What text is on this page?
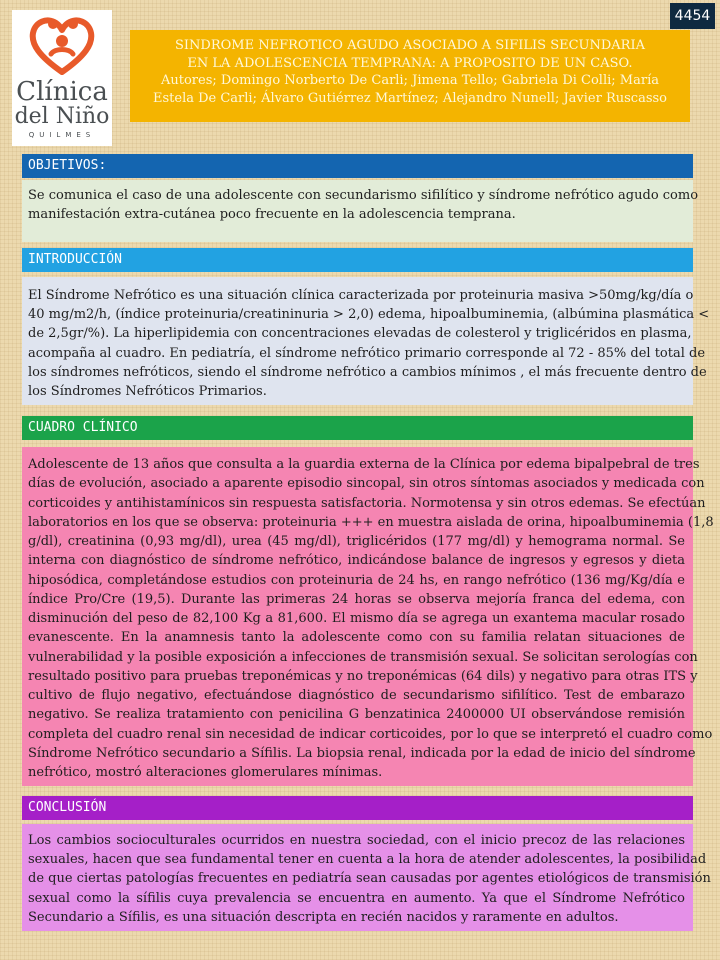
4454
Clínica
del Niño
QUILMES
SINDROME NEFROTICO AGUDO ASOCIADO A SIFILIS SECUNDARIA
EN LA ADOLESCENCIA TEMPRANA: A PROPOSITO DE UN CASO.
Autores; Domingo Norberto De Carli; Jimena Tello; Gabriela Di Colli; María
Estela De Carli; Álvaro Gutiérrez Martínez; Alejandro Nunell; Javier Ruscasso
OBJETIVOS:
Se comunica el caso de una adolescente con secundarismo sifilítico y síndrome nefrótico agudo como
manifestación extra-cutánea poco frecuente en la adolescencia temprana.
INTRODUCCIÓN
El Síndrome Nefrótico es una situación clínica caracterizada por proteinuria masiva >50mg/kg/día o
40 mg/m2/h, (índice proteinuria/creatininuria > 2,0) edema, hipoalbuminemia, (albúmina plasmática <
de 2,5gr/%). La hiperlipidemia con concentraciones elevadas de colesterol y triglicéridos en plasma,
acompaña al cuadro. En pediatría, el síndrome nefrótico primario corresponde al 72 - 85% del total de
los síndromes nefróticos, siendo el síndrome nefrótico a cambios mínimos , el más frecuente dentro de
los Síndromes Nefróticos Primarios.
CUADRO CLÍNICO
Adolescente de 13 años que consulta a la guardia externa de la Clínica por edema bipalpebral de tres
días de evolución, asociado a aparente episodio sincopal, sin otros síntomas asociados y medicada con
corticoides y antihistamínicos sin respuesta satisfactoria. Normotensa y sin otros edemas. Se efectúan
laboratorios en los que se observa: proteinuria +++ en muestra aislada de orina, hipoalbuminemia (1,8
g/dl), creatinina (0,93 mg/dl), urea (45 mg/dl), triglicéridos (177 mg/dl) y hemograma normal. Se
interna con diagnóstico de síndrome nefrótico, indicándose balance de ingresos y egresos y dieta
hiposódica, completándose estudios con proteinuria de 24 hs, en rango nefrótico (136 mg/Kg/día e
índice Pro/Cre (19,5). Durante las primeras 24 horas se observa mejoría franca del edema, con
disminución del peso de 82,100 Kg a 81,600. El mismo día se agrega un exantema macular rosado
evanescente. En la anamnesis tanto la adolescente como con su familia relatan situaciones de
vulnerabilidad y la posible exposición a infecciones de transmisión sexual. Se solicitan serologías con
resultado positivo para pruebas treponémicas y no treponémicas (64 dils) y negativo para otras ITS y
cultivo de flujo negativo, efectuándose diagnóstico de secundarismo sifilítico. Test de embarazo
negativo. Se realiza tratamiento con penicilina G benzatinica 2400000 UI observándose remisión
completa del cuadro renal sin necesidad de indicar corticoides, por lo que se interpretó el cuadro como
Síndrome Nefrótico secundario a Sífilis. La biopsia renal, indicada por la edad de inicio del síndrome
nefrótico, mostró alteraciones glomerulares mínimas.
CONCLUSIÓN
Los cambios socioculturales ocurridos en nuestra sociedad, con el inicio precoz de las relaciones
sexuales, hacen que sea fundamental tener en cuenta a la hora de atender adolescentes, la posibilidad
de que ciertas patologías frecuentes en pediatría sean causadas por agentes etiológicos de transmisión
sexual como la sífilis cuya prevalencia se encuentra en aumento. Ya que el Síndrome Nefrótico
Secundario a Sífilis, es una situación descripta en recién nacidos y raramente en adultos.
